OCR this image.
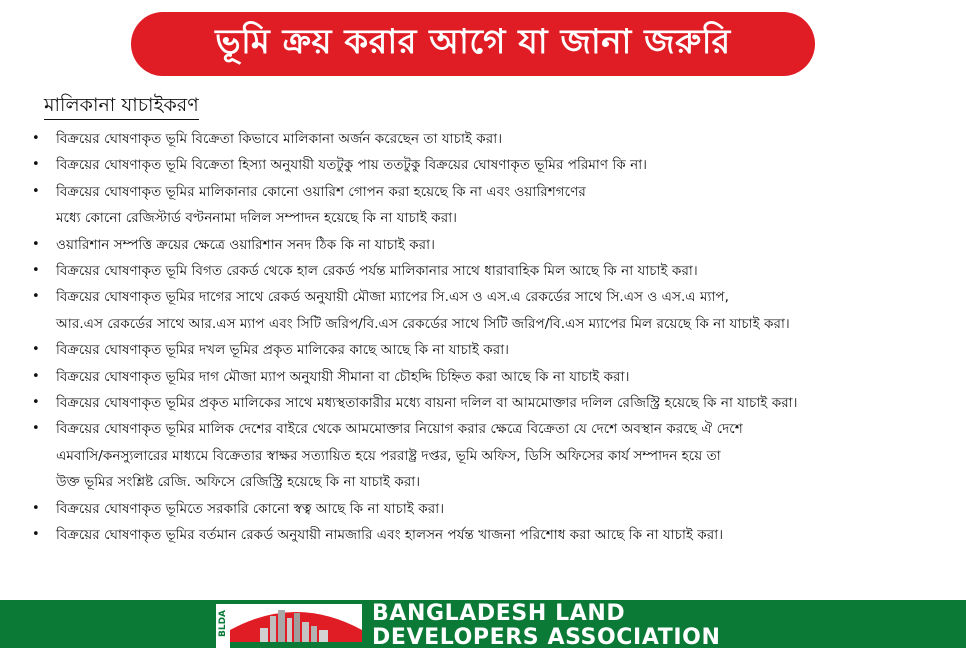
ভূমি ক্রয় করার আগে যা জানা জরুরি
মালিকানা যাচাইকরণ
• বিক্রয়ের ঘোষণাকৃত ভূমি বিক্রেতা কিভাবে মালিকানা অর্জন করেছেন তা যাচাই করা।
• বিক্রয়ের ঘোষণাকৃত ভূমি বিক্রেতা হিস্যা অনুযায়ী যতটুকু পায় ততটুকু বিক্রয়ের ঘোষণাকৃত ভূমির পরিমাণ কি না।
• বিক্রয়ের ঘোষণাকৃত ভূমির মালিকানার কোনো ওয়ারিশ গোপন করা হয়েছে কি না এবং ওয়ারিশগণের
মধ্যে কোনো রেজিস্টার্ড বণ্টননামা দলিল সম্পাদন হয়েছে কি না যাচাই করা।
• ওয়ারিশান সম্পত্তি ক্রয়ের ক্ষেত্রে ওয়ারিশান সনদ ঠিক কি না যাচাই করা।
• বিক্রয়ের ঘোষণাকৃত ভূমি বিগত রেকর্ড থেকে হাল রেকর্ড পর্যন্ত মালিকানার সাথে ধারাবাহিক মিল আছে কি না যাচাই করা।
• বিক্রয়ের ঘোষণাকৃত ভূমির দাগের সাথে রেকর্ড অনুযায়ী মৌজা ম্যাপের সি.এস ও এস.এ রেকর্ডের সাথে সি.এস ও এস.এ ম্যাপ,
আর.এস রেকর্ডের সাথে আর.এস ম্যাপ এবং সিটি জরিপ/বি.এস রেকর্ডের সাথে সিটি জরিপ/বি.এস ম্যাপের মিল রয়েছে কি না যাচাই করা।
• বিক্রয়ের ঘোষণাকৃত ভূমির দখল ভূমির প্রকৃত মালিকের কাছে আছে কি না যাচাই করা।
• বিক্রয়ের ঘোষণাকৃত ভূমির দাগ মৌজা ম্যাপ অনুযায়ী সীমানা বা চৌহদ্দি চিহ্নিত করা আছে কি না যাচাই করা।
• বিক্রয়ের ঘোষণাকৃত ভূমির প্রকৃত মালিকের সাথে মধ্যস্থতাকারীর মধ্যে বায়না দলিল বা আমমোক্তার দলিল রেজিস্ট্রি হয়েছে কি না যাচাই করা।
• বিক্রয়ের ঘোষণাকৃত ভূমির মালিক দেশের বাইরে থেকে আমমোক্তার নিয়োগ করার ক্ষেত্রে বিক্রেতা যে দেশে অবস্থান করছে ঐ দেশে
এমবাসি/কনস্যুলারের মাধ্যমে বিক্রেতার স্বাক্ষর সত্যায়িত হয়ে পররাষ্ট্র দপ্তর, ভূমি অফিস, ডিসি অফিসের কার্য সম্পাদন হয়ে তা
উক্ত ভূমির সংশ্লিষ্ট রেজি. অফিসে রেজিস্ট্রি হয়েছে কি না যাচাই করা।
• বিক্রয়ের ঘোষণাকৃত ভূমিতে সরকারি কোনো স্বত্ব আছে কি না যাচাই করা।
• বিক্রয়ের ঘোষণাকৃত ভূমির বর্তমান রেকর্ড অনুযায়ী নামজারি এবং হালসন পর্যন্ত খাজনা পরিশোধ করা আছে কি না যাচাই করা।
BLDA	BANGLADESH LAND
DEVELOPERS ASSOCIATION
